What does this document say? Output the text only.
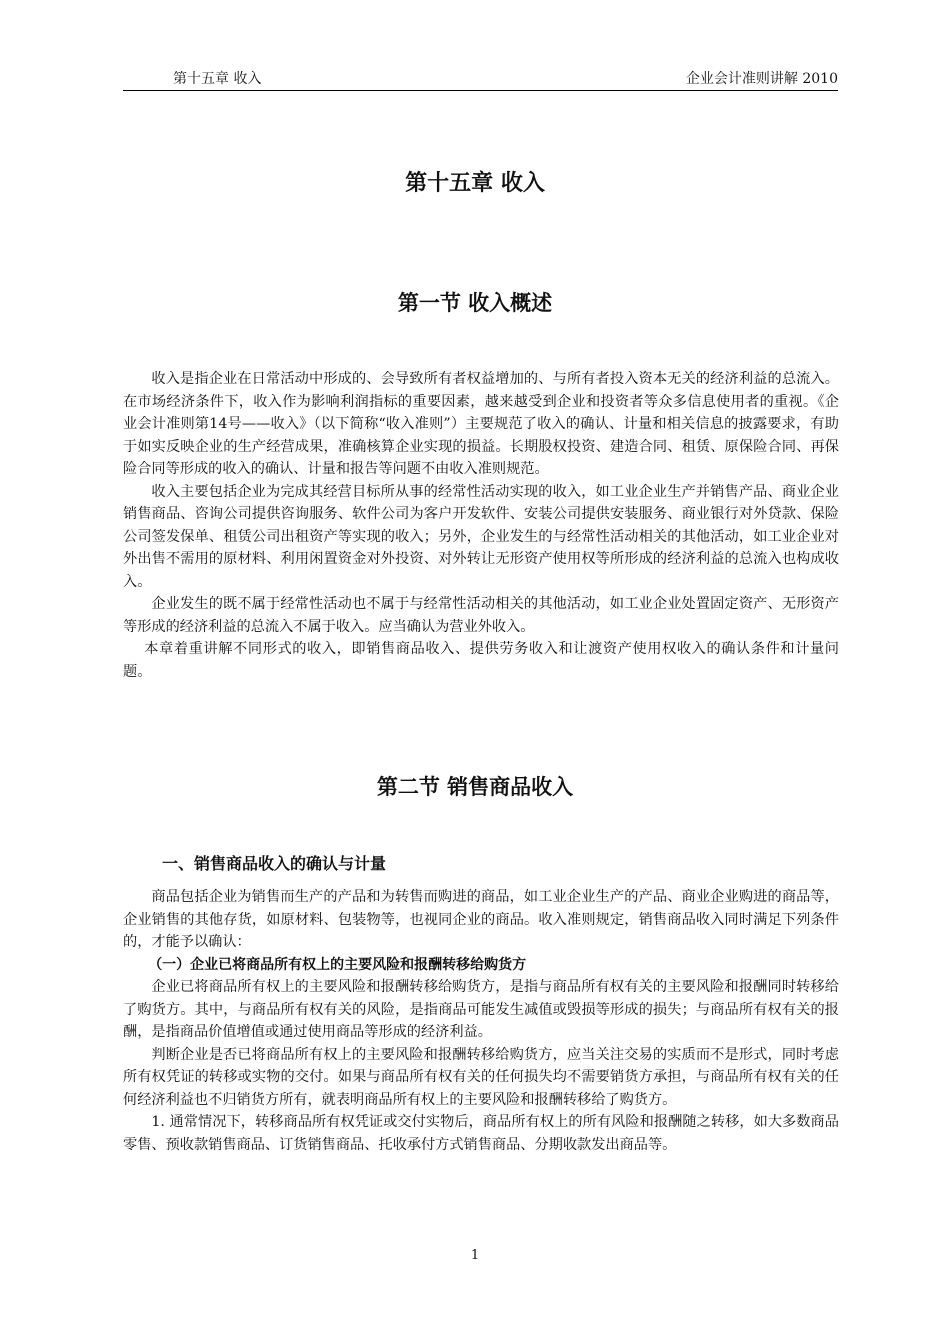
第十五章 收入	企业会计准则讲解 2010
第十五章 收入
第一节 收入概述

收入是指企业在日常活动中形成的、会导致所有者权益增加的、与所有者投入资本无关的经济利益的总流入。在市场经济条件下，收入作为影响利润指标的重要因素，越来越受到企业和投资者等众多信息使用者的重视。《企业会计准则第14号——收入》（以下简称“收入准则”）主要规范了收入的确认、计量和相关信息的披露要求，有助于如实反映企业的生产经营成果，准确核算企业实现的损益。长期股权投资、建造合同、租赁、原保险合同、再保险合同等形成的收入的确认、计量和报告等问题不由收入准则规范。

收入主要包括企业为完成其经营目标所从事的经常性活动实现的收入，如工业企业生产并销售产品、商业企业销售商品、咨询公司提供咨询服务、软件公司为客户开发软件、安装公司提供安装服务、商业银行对外贷款、保险公司签发保单、租赁公司出租资产等实现的收入；另外，企业发生的与经常性活动相关的其他活动，如工业企业对外出售不需用的原材料、利用闲置资金对外投资、对外转让无形资产使用权等所形成的经济利益的总流入也构成收入。

企业发生的既不属于经常性活动也不属于与经常性活动相关的其他活动，如工业企业处置固定资产、无形资产等形成的经济利益的总流入不属于收入。应当确认为营业外收入。

本章着重讲解不同形式的收入，即销售商品收入、提供劳务收入和让渡资产使用权收入的确认条件和计量问题。

第二节 销售商品收入
一、销售商品收入的确认与计量

商品包括企业为销售而生产的产品和为转售而购进的商品，如工业企业生产的产品、商业企业购进的商品等，企业销售的其他存货，如原材料、包装物等，也视同企业的商品。收入准则规定，销售商品收入同时满足下列条件的，才能予以确认：

（一）企业已将商品所有权上的主要风险和报酬转移给购货方

企业已将商品所有权上的主要风险和报酬转移给购货方，是指与商品所有权有关的主要风险和报酬同时转移给了购货方。其中，与商品所有权有关的风险，是指商品可能发生减值或毁损等形成的损失；与商品所有权有关的报酬，是指商品价值增值或通过使用商品等形成的经济利益。

判断企业是否已将商品所有权上的主要风险和报酬转移给购货方，应当关注交易的实质而不是形式，同时考虑所有权凭证的转移或实物的交付。如果与商品所有权有关的任何损失均不需要销货方承担，与商品所有权有关的任何经济利益也不归销货方所有，就表明商品所有权上的主要风险和报酬转移给了购货方。

1. 通常情况下，转移商品所有权凭证或交付实物后，商品所有权上的所有风险和报酬随之转移，如大多数商品零售、预收款销售商品、订货销售商品、托收承付方式销售商品、分期收款发出商品等。

1
